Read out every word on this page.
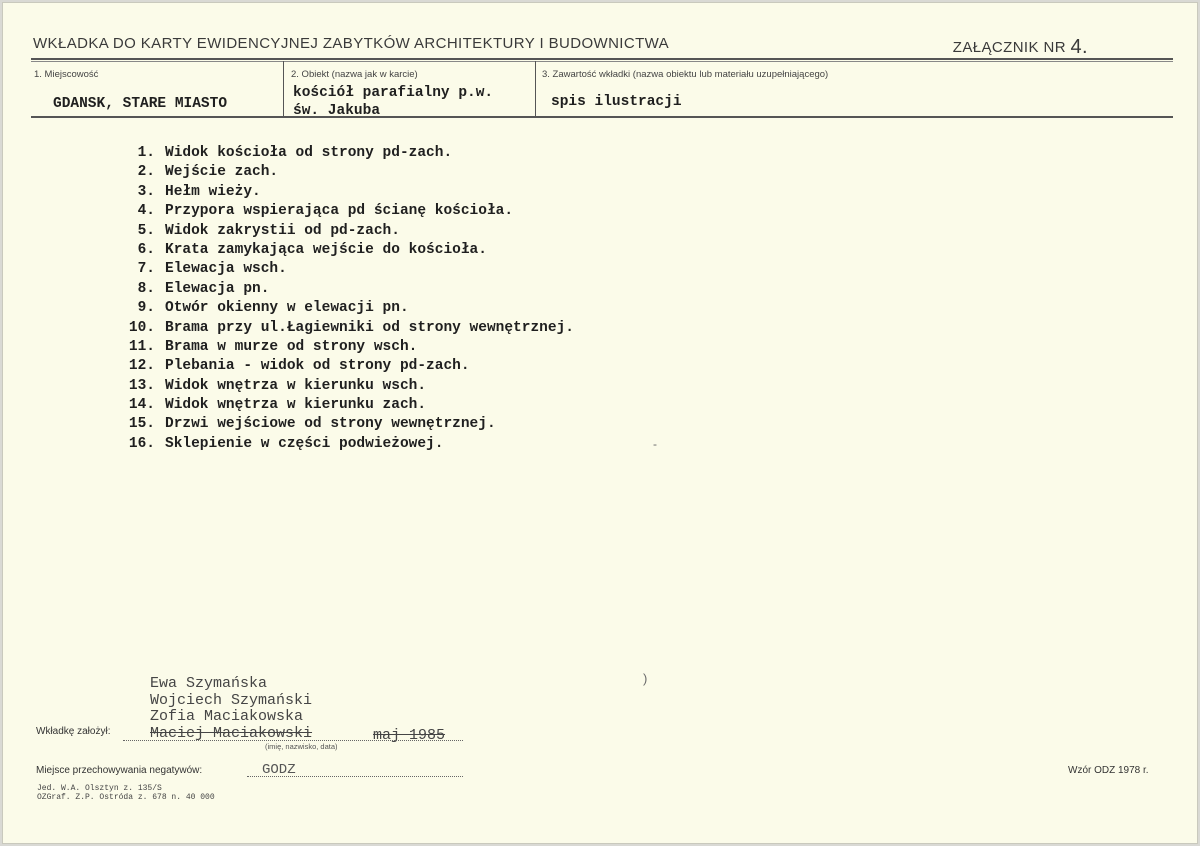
WKŁADKA DO KARTY EWIDENCYJNEJ ZABYTKÓW ARCHITEKTURY I BUDOWNICTWA	ZAŁĄCZNIK NR 4.
1. Miejscowość
GDANSK, STARE MIASTO
2. Obiekt (nazwa jak w karcie)
kościół parafialny p.w.
św. Jakuba
3. Zawartość wkładki (nazwa obiektu lub materiału uzupełniającego)
spis ilustracji
1. Widok kościoła od strony pd-zach.
2. Wejście zach.
3. Hełm wieży.
4. Przypora wspierająca pd ścianę kościoła.
5. Widok zakrystii od pd-zach.
6. Krata zamykająca wejście do kościoła.
7. Elewacja wsch.
8. Elewacja pn.
9. Otwór okienny w elewacji pn.
10. Brama przy ul.Łagiewniki od strony wewnętrznej.
11. Brama w murze od strony wsch.
12. Plebania - widok od strony pd-zach.
13. Widok wnętrza w kierunku wsch.
14. Widok wnętrza w kierunku zach.
15. Drzwi wejściowe od strony wewnętrznej.
16. Sklepienie w części podwieżowej.	-
)
Ewa Szymańska
Wojciech Szymański
Zofia Maciakowska
Maciej Maciakowski	maj 1985
Wkładkę założył:
(imię, nazwisko, data)
Miejsce przechowywania negatywów:	GODZ	Wzór ODZ 1978 r.
Jed. W.A. Olsztyn z. 135/S
OZGraf. Z.P. Ostróda z. 678 n. 40 000
